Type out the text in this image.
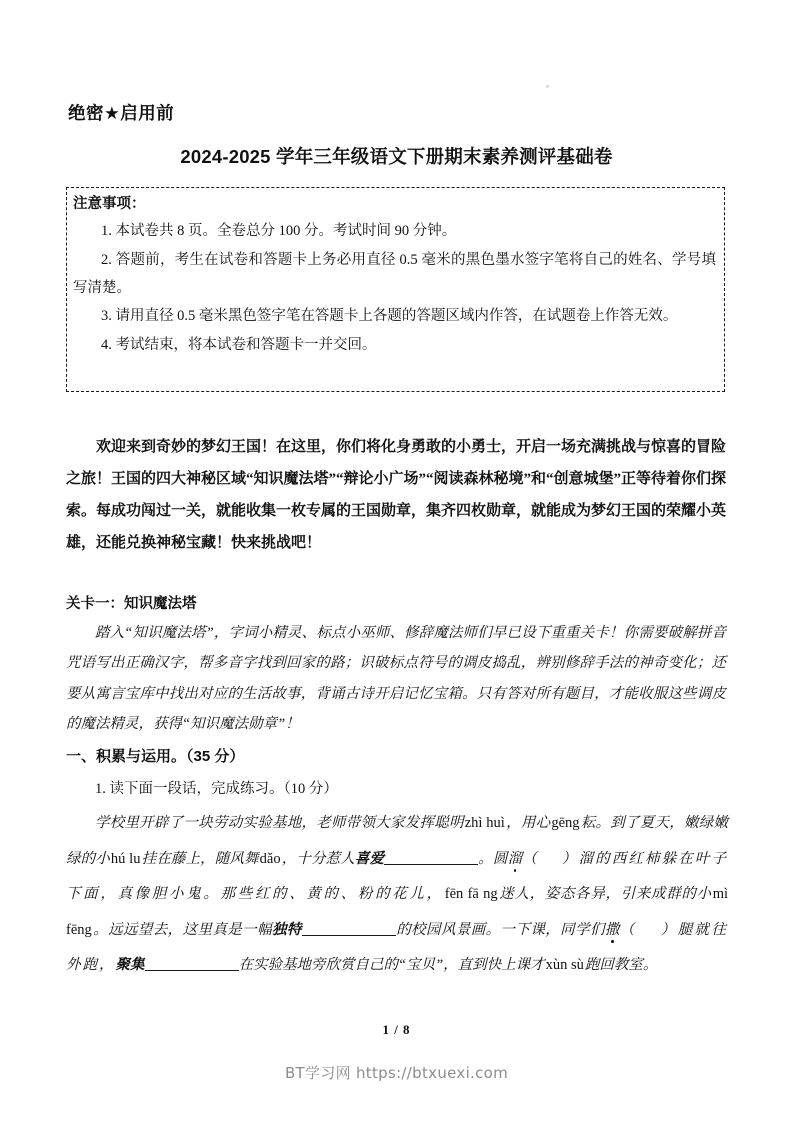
绝密★启用前
2024-2025 学年三年级语文下册期末素养测评基础卷
注意事项：
1. 本试卷共 8 页。全卷总分 100 分。考试时间 90 分钟。
2. 答题前，考生在试卷和答题卡上务必用直径 0.5 毫米的黑色墨水签字笔将自己的姓名、学号填写清楚。
3. 请用直径 0.5 毫米黑色签字笔在答题卡上各题的答题区域内作答，在试题卷上作答无效。
4. 考试结束，将本试卷和答题卡一并交回。
欢迎来到奇妙的梦幻王国！在这里，你们将化身勇敢的小勇士，开启一场充满挑战与惊喜的冒险之旅！王国的四大神秘区域“知识魔法塔”“辩论小广场”“阅读森林秘境”和“创意城堡”正等待着你们探索。每成功闯过一关，就能收集一枚专属的王国勋章，集齐四枚勋章，就能成为梦幻王国的荣耀小英雄，还能兑换神秘宝藏！快来挑战吧！
关卡一：知识魔法塔
踏入“知识魔法塔”，字词小精灵、标点小巫师、修辞魔法师们早已设下重重关卡！你需要破解拼音咒语写出正确汉字，帮多音字找到回家的路；识破标点符号的调皮捣乱，辨别修辞手法的神奇变化；还要从寓言宝库中找出对应的生活故事，背诵古诗开启记忆宝箱。只有答对所有题目，才能收服这些调皮的魔法精灵，获得“知识魔法勋章”！
一、积累与运用。（35 分）
1. 读下面一段话，完成练习。（10 分）
学校里开辟了一块劳动实验基地，老师带领大家发挥聪明zhì huì，用心gēng耘。到了夏天，嫩绿嫩绿的小hú lu挂在藤上，随风舞dǎo，十分惹人喜爱	。圆溜（ ）溜的西红柿躲在叶子下面，真像胆小鬼。那些红的、黄的、粉的花儿，fēn fā ng迷人，姿态各异，引来成群的小mì fēng。远远望去，这里真是一幅独特	的校园风景画。一下课，同学们撒（ ）腿就往外跑，聚集	在实验基地旁欣赏自己的“宝贝”，直到快上课才xùn sù跑回教室。
1 / 8
BT学习网 https://btxuexi.com
